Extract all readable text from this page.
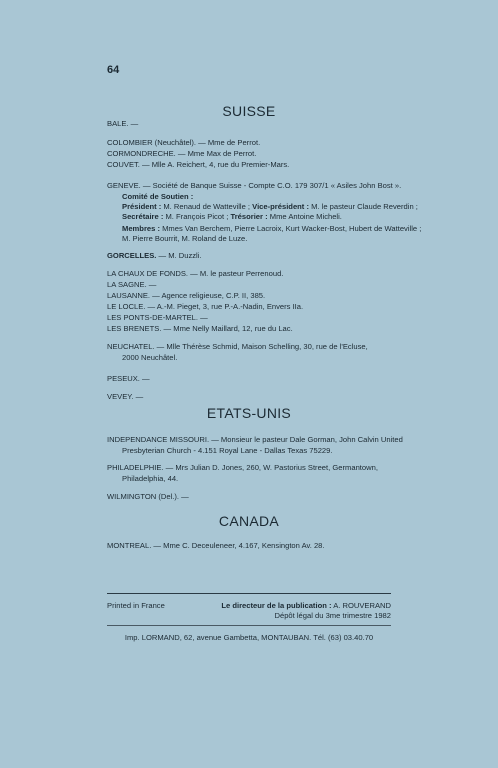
64
SUISSE
BALE. —
COLOMBIER (Neuchâtel). — Mme de Perrot.
CORMONDRECHE. — Mme Max de Perrot.
COUVET. — Mlle A. Reichert, 4, rue du Premier-Mars.
GENEVE. — Société de Banque Suisse - Compte C.O. 179 307/1 « Asiles John Bost ».
Comité de Soutien :
Président : M. Renaud de Watteville ; Vice-président : M. le pasteur Claude Reverdin ;
Secrétaire : M. François Picot ; Trésorier : Mme Antoine Micheli.
Membres : Mmes Van Berchem, Pierre Lacroix, Kurt Wacker-Bost, Hubert de Watteville ;
M. Pierre Bourrit, M. Roland de Luze.
GORCELLES. — M. Duzzli.
LA CHAUX DE FONDS. — M. le pasteur Perrenoud.
LA SAGNE. —
LAUSANNE. — Agence religieuse, C.P. II, 385.
LE LOCLE. — A.-M. Pieget, 3, rue P.-A.-Nadin, Envers IIa.
LES PONTS-DE-MARTEL. —
LES BRENETS. — Mme Nelly Maillard, 12, rue du Lac.
NEUCHATEL. — Mlle Thérèse Schmid, Maison Schelling, 30, rue de l'Ecluse,
2000 Neuchâtel.
PESEUX. —
VEVEY. —
ETATS-UNIS
INDEPENDANCE MISSOURI. — Monsieur le pasteur Dale Gorman, John Calvin United
Presbyterian Church - 4.151 Royal Lane - Dallas Texas 75229.
PHILADELPHIE. — Mrs Julian D. Jones, 260, W. Pastorius Street, Germantown,
Philadelphia, 44.
WILMINGTON (Del.). —
CANADA
MONTREAL. — Mme C. Deceuleneer, 4.167, Kensington Av. 28.
Printed in France	Le directeur de la publication : A. ROUVERAND
Dépôt légal du 3me trimestre 1982
Imp. LORMAND, 62, avenue Gambetta, MONTAUBAN. Tél. (63) 03.40.70
